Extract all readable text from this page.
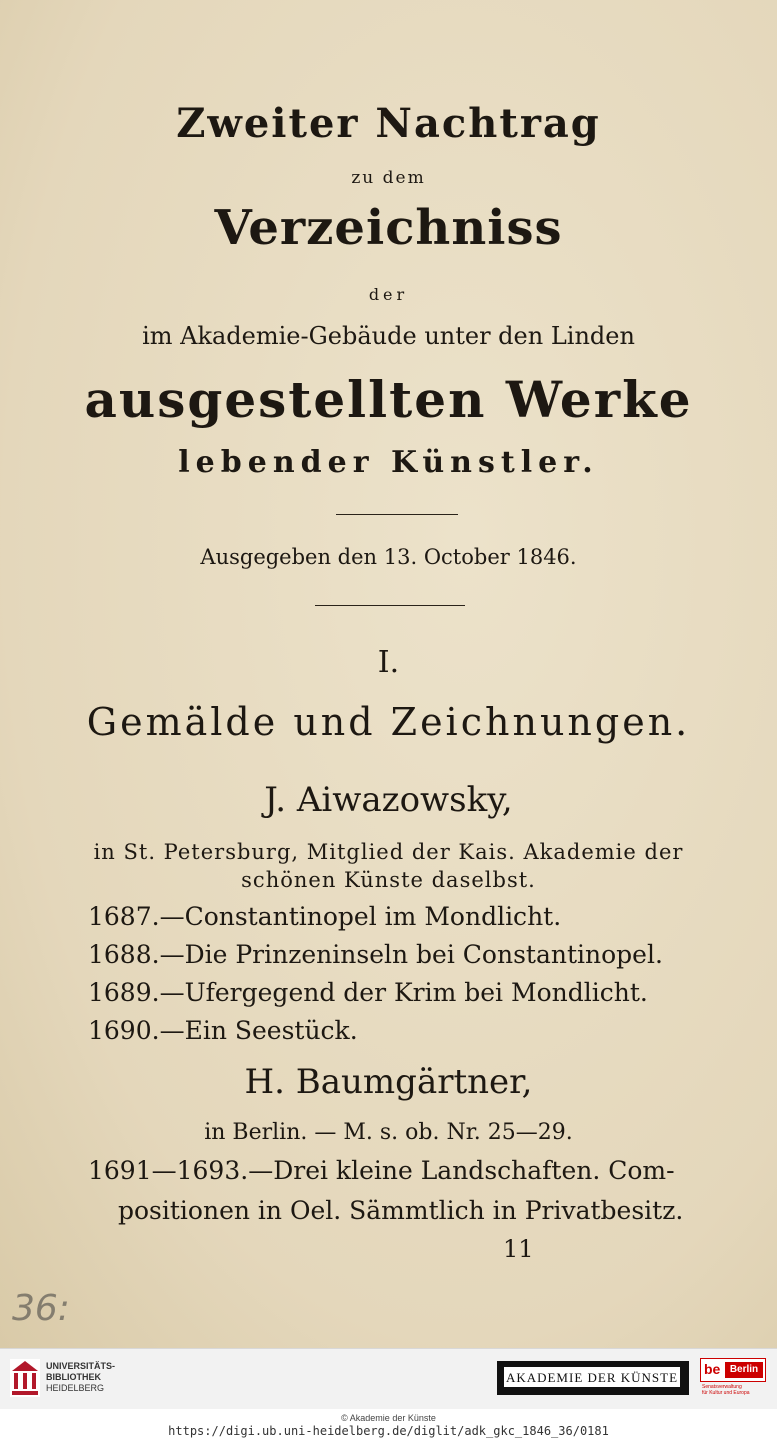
Zweiter Nachtrag
zu dem
Verzeichniss
der
im Akademie-Gebäude unter den Linden
ausgestellten Werke
lebender Künstler.
Ausgegeben den 13. October 1846.
I.
Gemälde und Zeichnungen.
J. Aiwazowsky,
in St. Petersburg, Mitglied der Kais. Akademie der
schönen Künste daselbst.
1687.—Constantinopel im Mondlicht.
1688.—Die Prinzeninseln bei Constantinopel.
1689.—Ufergegend der Krim bei Mondlicht.
1690.—Ein Seestück.
H. Baumgärtner,
in Berlin. — M. s. ob. Nr. 25—29.
1691—1693.—Drei kleine Landschaften. Com-
positionen in Oel. Sämmtlich in Privatbesitz.
11
36:
UNIVERSITÄTS-
BIBLIOTHEK
HEIDELBERG
AKADEMIE DER KÜNSTE
be Berlin
Senatsverwaltung
für Kultur und Europa
© Akademie der Künste
https://digi.ub.uni-heidelberg.de/diglit/adk_gkc_1846_36/0181
